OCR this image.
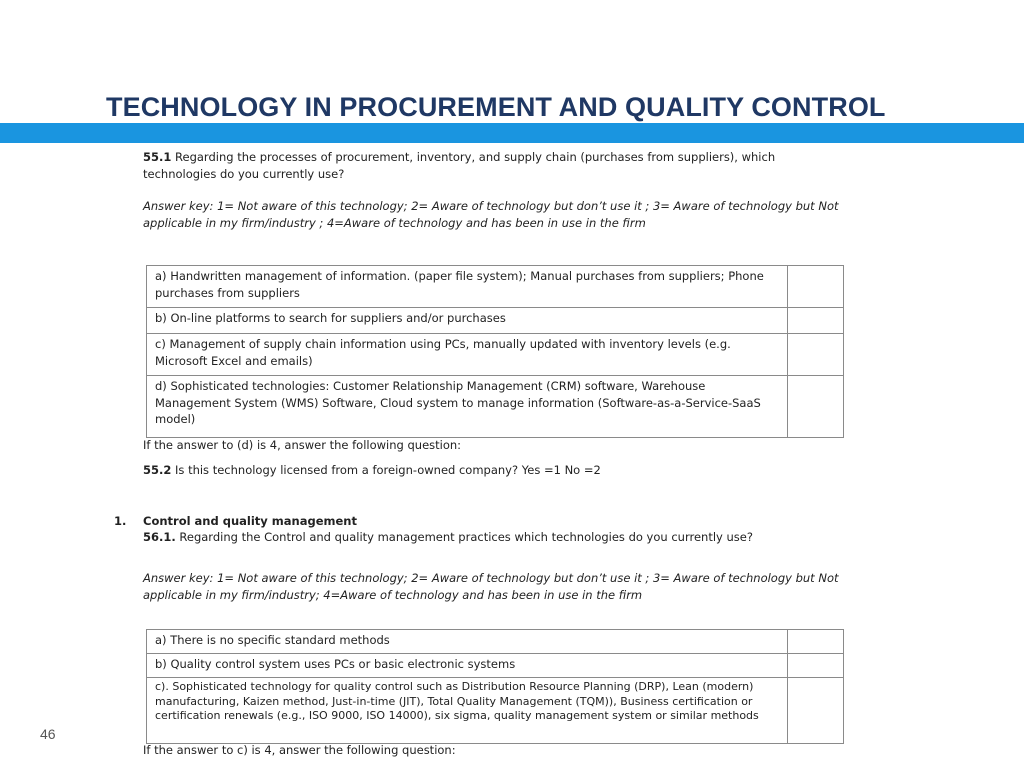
TECHNOLOGY IN PROCUREMENT AND QUALITY CONTROL
55.1 Regarding the processes of procurement, inventory, and supply chain (purchases from suppliers), which technologies do you currently use?
Answer key: 1= Not aware of this technology; 2= Aware of technology but don’t use it ; 3= Aware of technology but Not applicable in my firm/industry ; 4=Aware of technology and has been in use in the firm
a) Handwritten management of information. (paper file system); Manual purchases from suppliers; Phone purchases from suppliers	
b) On-line platforms to search for suppliers and/or purchases	
c) Management of supply chain information using PCs, manually updated with inventory levels (e.g. Microsoft Excel and emails)	
d) Sophisticated technologies: Customer Relationship Management (CRM) software, Warehouse Management System (WMS) Software, Cloud system to manage information (Software-as-a-Service-SaaS model)	
If the answer to (d) is 4, answer the following question:
55.2 Is this technology licensed from a foreign-owned company? Yes =1 No =2
1. Control and quality management
56.1. Regarding the Control and quality management practices which technologies do you currently use?
Answer key: 1= Not aware of this technology; 2= Aware of technology but don’t use it ; 3= Aware of technology but Not applicable in my firm/industry; 4=Aware of technology and has been in use in the firm
a) There is no specific standard methods	
b) Quality control system uses PCs or basic electronic systems	
c). Sophisticated technology for quality control such as Distribution Resource Planning (DRP), Lean (modern) manufacturing, Kaizen method, Just-in-time (JIT), Total Quality Management (TQM)), Business certification or certification renewals (e.g., ISO 9000, ISO 14000), six sigma, quality management system or similar methods	
If the answer to c) is 4, answer the following question:
46
